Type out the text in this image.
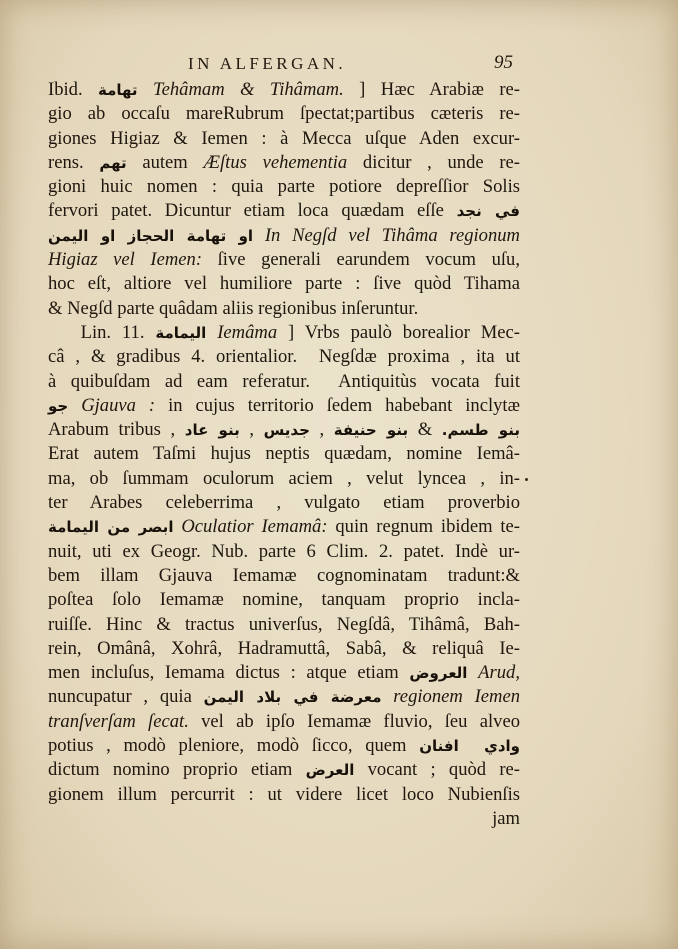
IN ALFERGAN.	95
Ibid. تهامة Tehâmam & Tihâmam. ] Hæc Arabiæ re-
gio ab occaſu mareRubrum ſpectat;partibus cæteris re-
giones Higiaz & Iemen : à Mecca uſque Aden excur-
rens. تهم autem Æſtus vehementia dicitur , unde re-
gioni huic nomen : quia parte potiore depreſſior Solis
fervori patet. Dicuntur etiam loca quædam eſſe في نجد
او تهامة الحجاز او اليمن In Negſd vel Tihâma regionum
Higiaz vel Iemen: ſive generali earundem vocum uſu,
hoc eſt, altiore vel humiliore parte : ſive quòd Tihama
& Negſd parte quâdam aliis regionibus inſeruntur.
Lin. 11. اليمامة Iemâma ] Vrbs paulò borealior Mec-
câ , & gradibus 4. orientalior.  Negſdæ proxima , ita ut
à quibuſdam ad eam referatur.  Antiquitùs vocata fuit
جو Gjauva : in cujus territorio ſedem habebant inclytæ
Arabum tribus , بنو عاد , جديس , بنو حنيفة & بنو طسم.
Erat autem Taſmi hujus neptis quædam, nomine Iemâ-
ma, ob ſummam oculorum aciem , velut lyncea , in-
ter Arabes celeberrima , vulgato etiam proverbio
ابصر من اليمامة Oculatior Iemamâ: quin regnum ibidem te-
nuit, uti ex Geogr. Nub. parte 6 Clim. 2. patet. Indè ur-
bem illam Gjauva Iemamæ cognominatam tradunt:&
poſtea ſolo Iemamæ nomine, tanquam proprio incla-
ruiſſe. Hinc & tractus univerſus, Negſdâ, Tihâmâ, Bah-
rein, Omânâ, Xohrâ, Hadramuttâ, Sabâ, & reliquâ Ie-
men incluſus, Iemama dictus : atque etiam العروض Arud,
nuncupatur , quia معرضة في بلاد اليمن regionem Iemen
tranſverſam ſecat. vel ab ipſo Iemamæ fluvio, ſeu alveo
potius , modò pleniore, modò ſicco, quem افنان وادي
dictum nomino proprio etiam العرض vocant ; quòd re-
gionem illum percurrit : ut videre licet loco Nubienſis
jam
